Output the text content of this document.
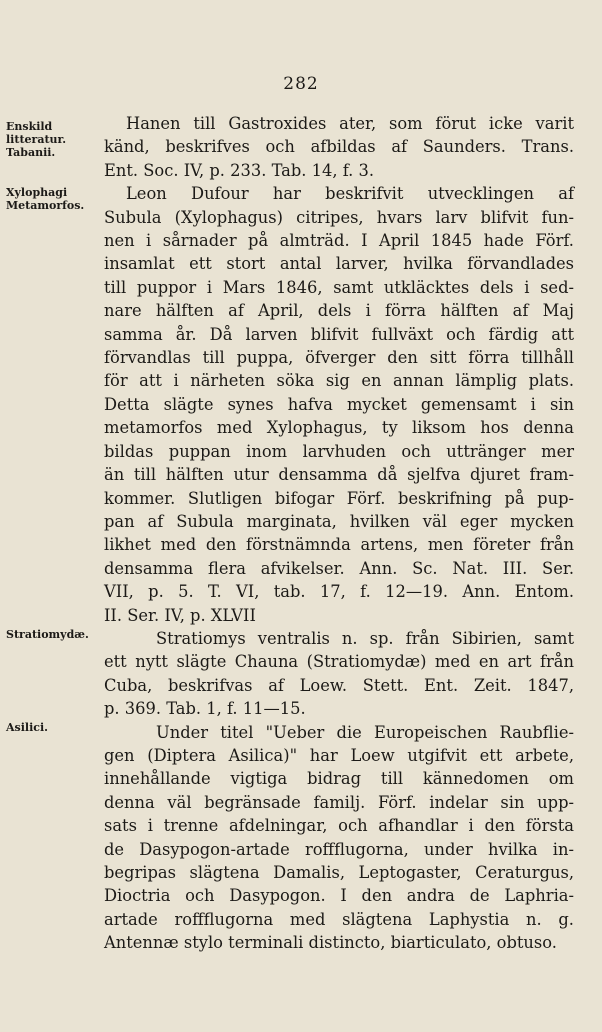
282
Enskild litteratur. Tabanii.
Xylophagi Metamorfos.
Stratiomydæ.
Asilici.
Hanen till Gastroxides ater, som förut icke varit
känd, beskrifves och afbildas af Saunders. Trans.
Ent. Soc. IV, p. 233. Tab. 14, f. 3.
Leon Dufour har beskrifvit utvecklingen af
Subula (Xylophagus) citripes, hvars larv blifvit fun-
nen i sårnader på almträd. I April 1845 hade Förf.
insamlat ett stort antal larver, hvilka förvandlades
till puppor i Mars 1846, samt utkläcktes dels i sed-
nare hälften af April, dels i förra hälften af Maj
samma år. Då larven blifvit fullväxt och färdig att
förvandlas till puppa, öfverger den sitt förra tillhåll
för att i närheten söka sig en annan lämplig plats.
Detta slägte synes hafva mycket gemensamt i sin
metamorfos med Xylophagus, ty liksom hos denna
bildas puppan inom larvhuden och uttränger mer
än till hälften utur densamma då sjelfva djuret fram-
kommer. Slutligen bifogar Förf. beskrifning på pup-
pan af Subula marginata, hvilken väl eger mycken
likhet med den förstnämnda artens, men företer från
densamma flera afvikelser. Ann. Sc. Nat. III. Ser.
VII, p. 5. T. VI, tab. 17, f. 12—19. Ann. Entom.
II. Ser. IV, p. XLVII
Stratiomys ventralis n. sp. från Sibirien, samt
ett nytt slägte Chauna (Stratiomydæ) med en art från
Cuba, beskrifvas af Loew. Stett. Ent. Zeit. 1847,
p. 369. Tab. 1, f. 11—15.
Under titel "Ueber die Europeischen Raubflie-
gen (Diptera Asilica)" har Loew utgifvit ett arbete,
innehållande vigtiga bidrag till kännedomen om
denna väl begränsade familj. Förf. indelar sin upp-
sats i trenne afdelningar, och afhandlar i den första
de Dasypogon-artade roffflugorna, under hvilka in-
begripas slägtena Damalis, Leptogaster, Ceraturgus,
Dioctria och Dasypogon. I den andra de Laphria-
artade roffflugorna med slägtena Laphystia n. g.
Antennæ stylo terminali distincto, biarticulato, obtuso.
